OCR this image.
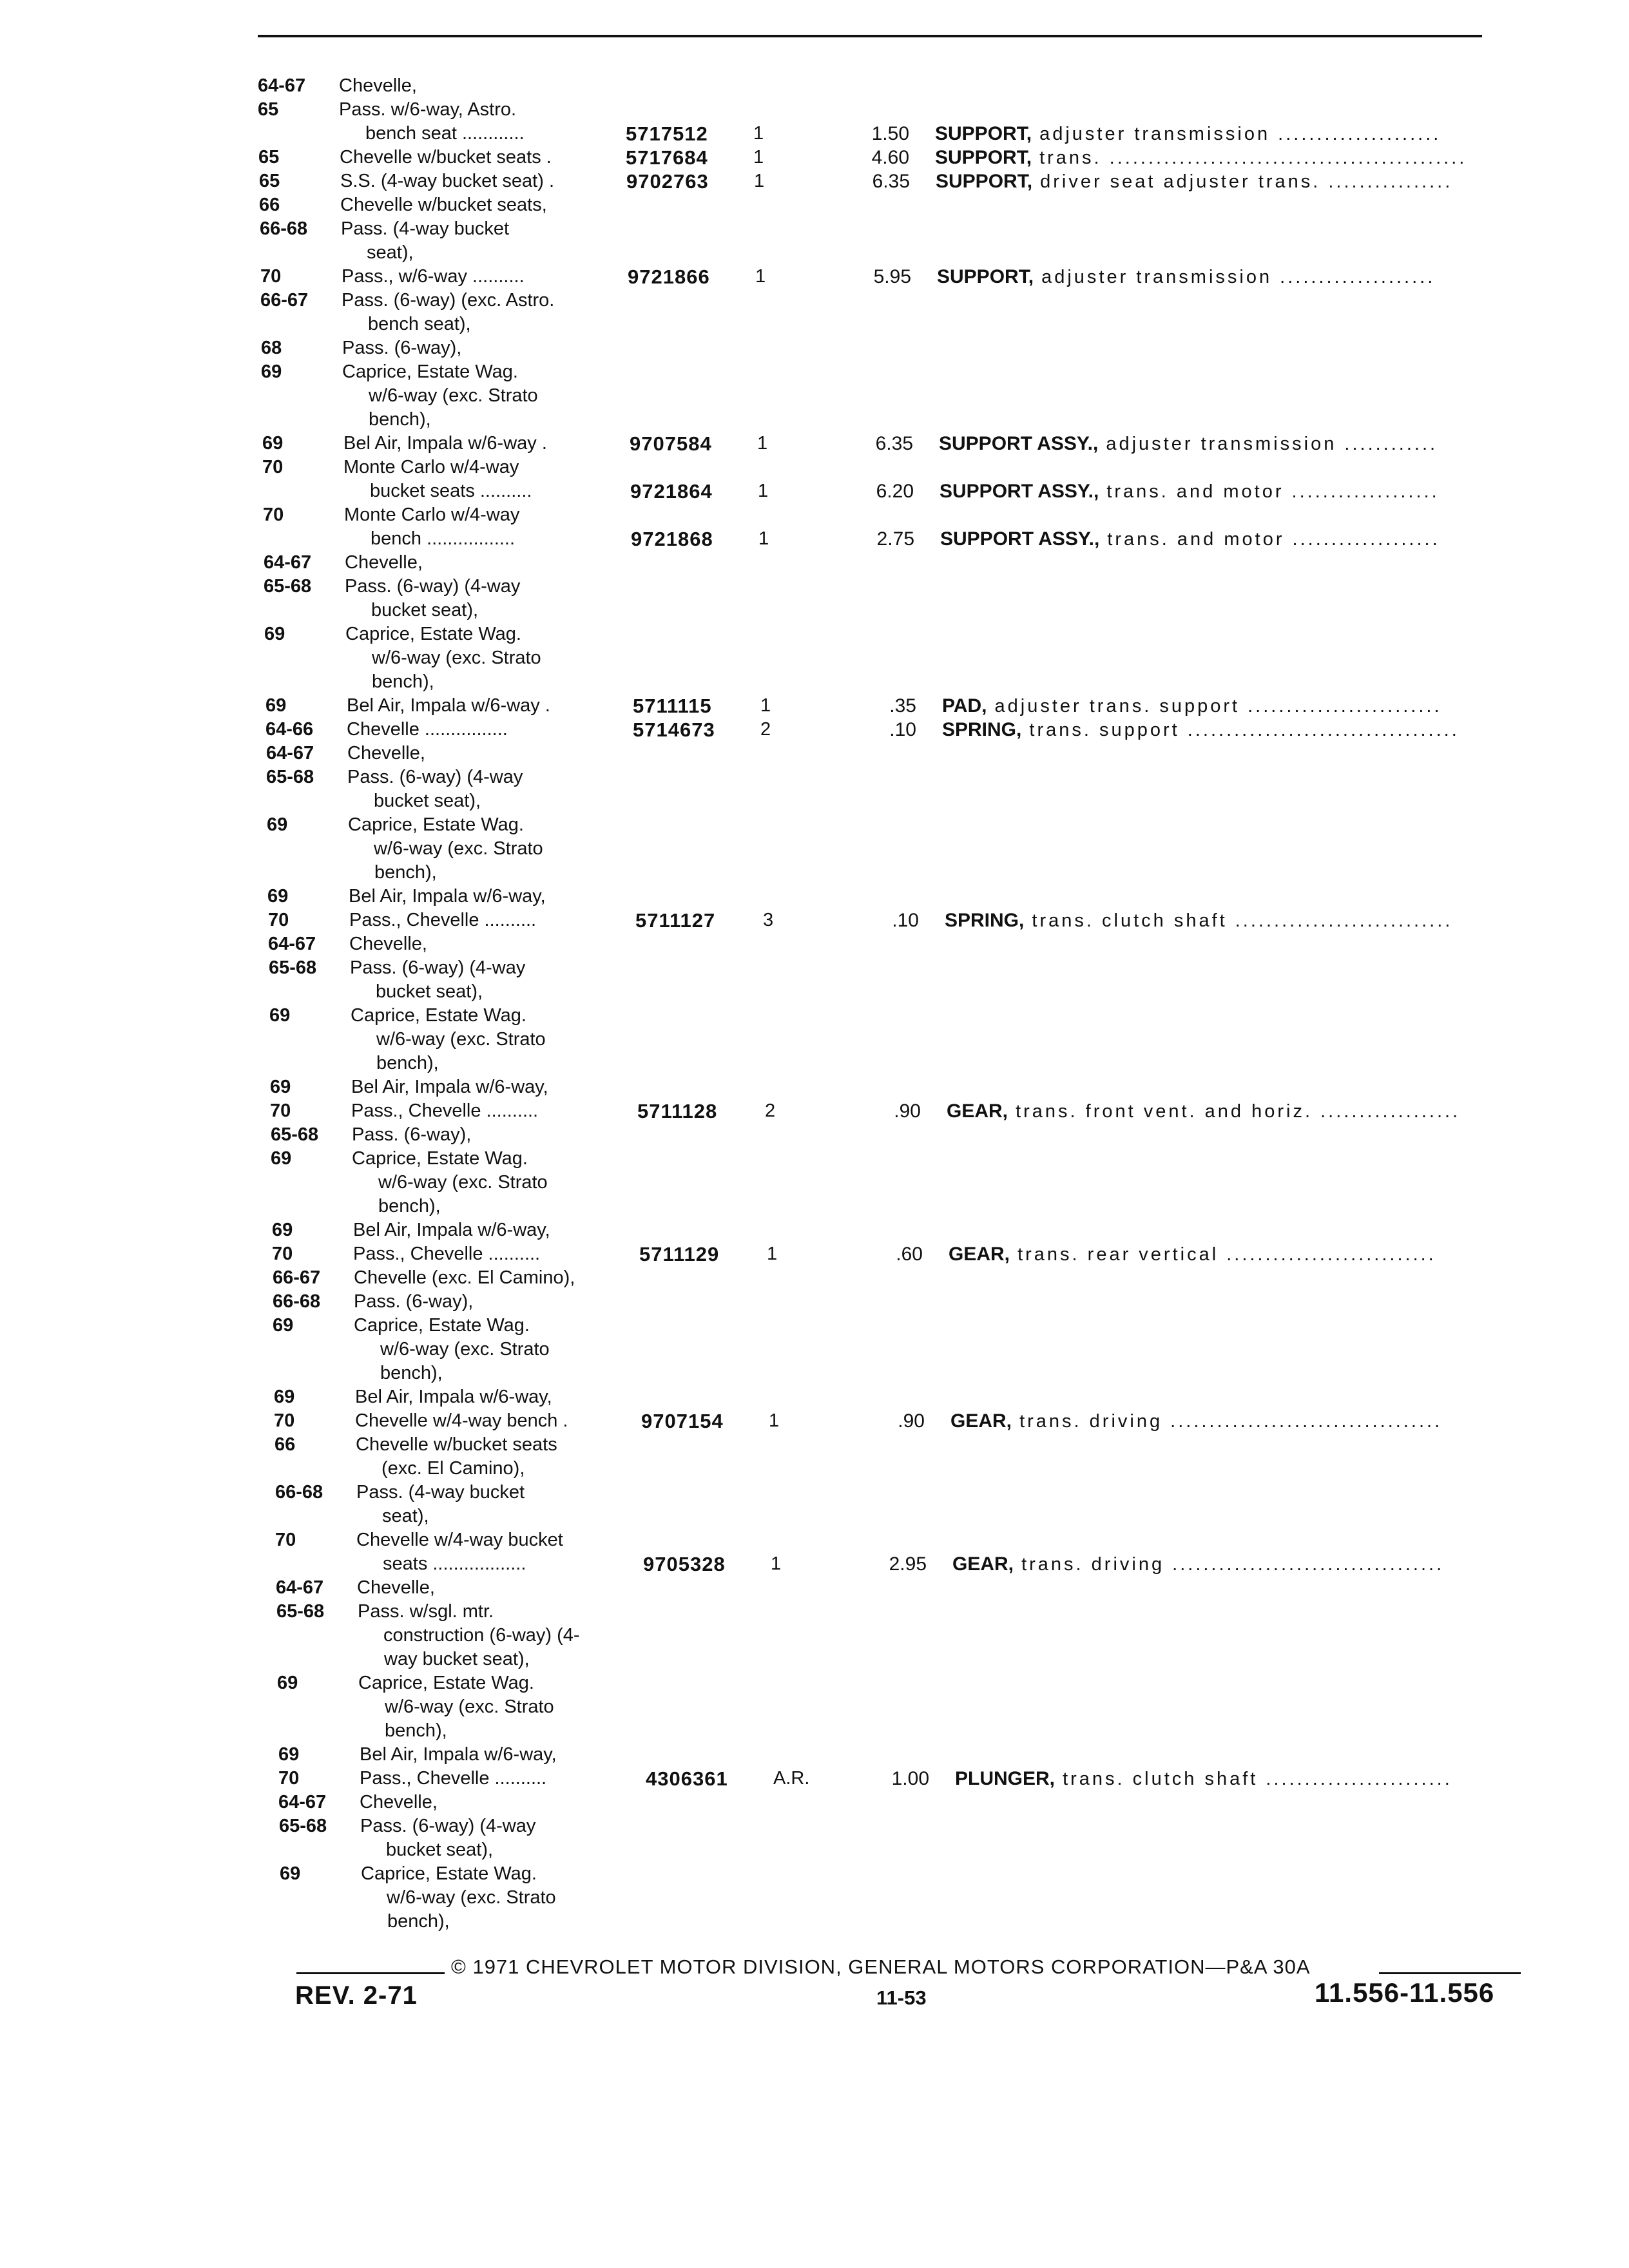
64-67	Chevelle,
65	Pass. w/6-way, Astro.
bench seat ............	5717512	1	1.50 SUPPORT, adjuster transmission .....................
65	Chevelle w/bucket seats .	5717684	1	4.60 SUPPORT, trans. ..............................................
65	S.S. (4-way bucket seat) .	9702763	1	6.35 SUPPORT, driver seat adjuster trans. ................
66	Chevelle w/bucket seats,
66-68	Pass. (4-way bucket
seat),
70	Pass., w/6-way ..........	9721866	1	5.95 SUPPORT, adjuster transmission ....................
66-67	Pass. (6-way) (exc. Astro.
bench seat),
68	Pass. (6-way),
69	Caprice, Estate Wag.
w/6-way (exc. Strato
bench),
69	Bel Air, Impala w/6-way .	9707584	1	6.35 SUPPORT ASSY., adjuster transmission ............
70	Monte Carlo w/4-way
bucket seats ..........	9721864	1	6.20 SUPPORT ASSY., trans. and motor ...................
70	Monte Carlo w/4-way
bench .................	9721868	1	2.75 SUPPORT ASSY., trans. and motor ...................
64-67	Chevelle,
65-68	Pass. (6-way) (4-way
bucket seat),
69	Caprice, Estate Wag.
w/6-way (exc. Strato
bench),
69	Bel Air, Impala w/6-way .	5711115	1	.35 PAD, adjuster trans. support .........................
64-66	Chevelle ................	5714673	2	.10 SPRING, trans. support ...................................
64-67	Chevelle,
65-68	Pass. (6-way) (4-way
bucket seat),
69	Caprice, Estate Wag.
w/6-way (exc. Strato
bench),
69	Bel Air, Impala w/6-way,
70	Pass., Chevelle ..........	5711127	3	.10 SPRING, trans. clutch shaft ............................
64-67	Chevelle,
65-68	Pass. (6-way) (4-way
bucket seat),
69	Caprice, Estate Wag.
w/6-way (exc. Strato
bench),
69	Bel Air, Impala w/6-way,
70	Pass., Chevelle ..........	5711128	2	.90 GEAR, trans. front vent. and horiz. ..................
65-68	Pass. (6-way),
69	Caprice, Estate Wag.
w/6-way (exc. Strato
bench),
69	Bel Air, Impala w/6-way,
70	Pass., Chevelle ..........	5711129	1	.60 GEAR, trans. rear vertical ...........................
66-67	Chevelle (exc. El Camino),
66-68	Pass. (6-way),
69	Caprice, Estate Wag.
w/6-way (exc. Strato
bench),
69	Bel Air, Impala w/6-way,
70	Chevelle w/4-way bench .	9707154	1	.90 GEAR, trans. driving ...................................
66	Chevelle w/bucket seats
(exc. El Camino),
66-68	Pass. (4-way bucket
seat),
70	Chevelle w/4-way bucket
seats ..................	9705328	1	2.95 GEAR, trans. driving ...................................
64-67	Chevelle,
65-68	Pass. w/sgl. mtr.
construction (6-way) (4-
way bucket seat),
69	Caprice, Estate Wag.
w/6-way (exc. Strato
bench),
69	Bel Air, Impala w/6-way,
70	Pass., Chevelle ..........	4306361	A.R.	1.00 PLUNGER, trans. clutch shaft ........................
64-67	Chevelle,
65-68	Pass. (6-way) (4-way
bucket seat),
69	Caprice, Estate Wag.
w/6-way (exc. Strato
bench),
© 1971 CHEVROLET MOTOR DIVISION, GENERAL MOTORS CORPORATION—P&A 30A
REV. 2-71	11-53	11.556-11.556
